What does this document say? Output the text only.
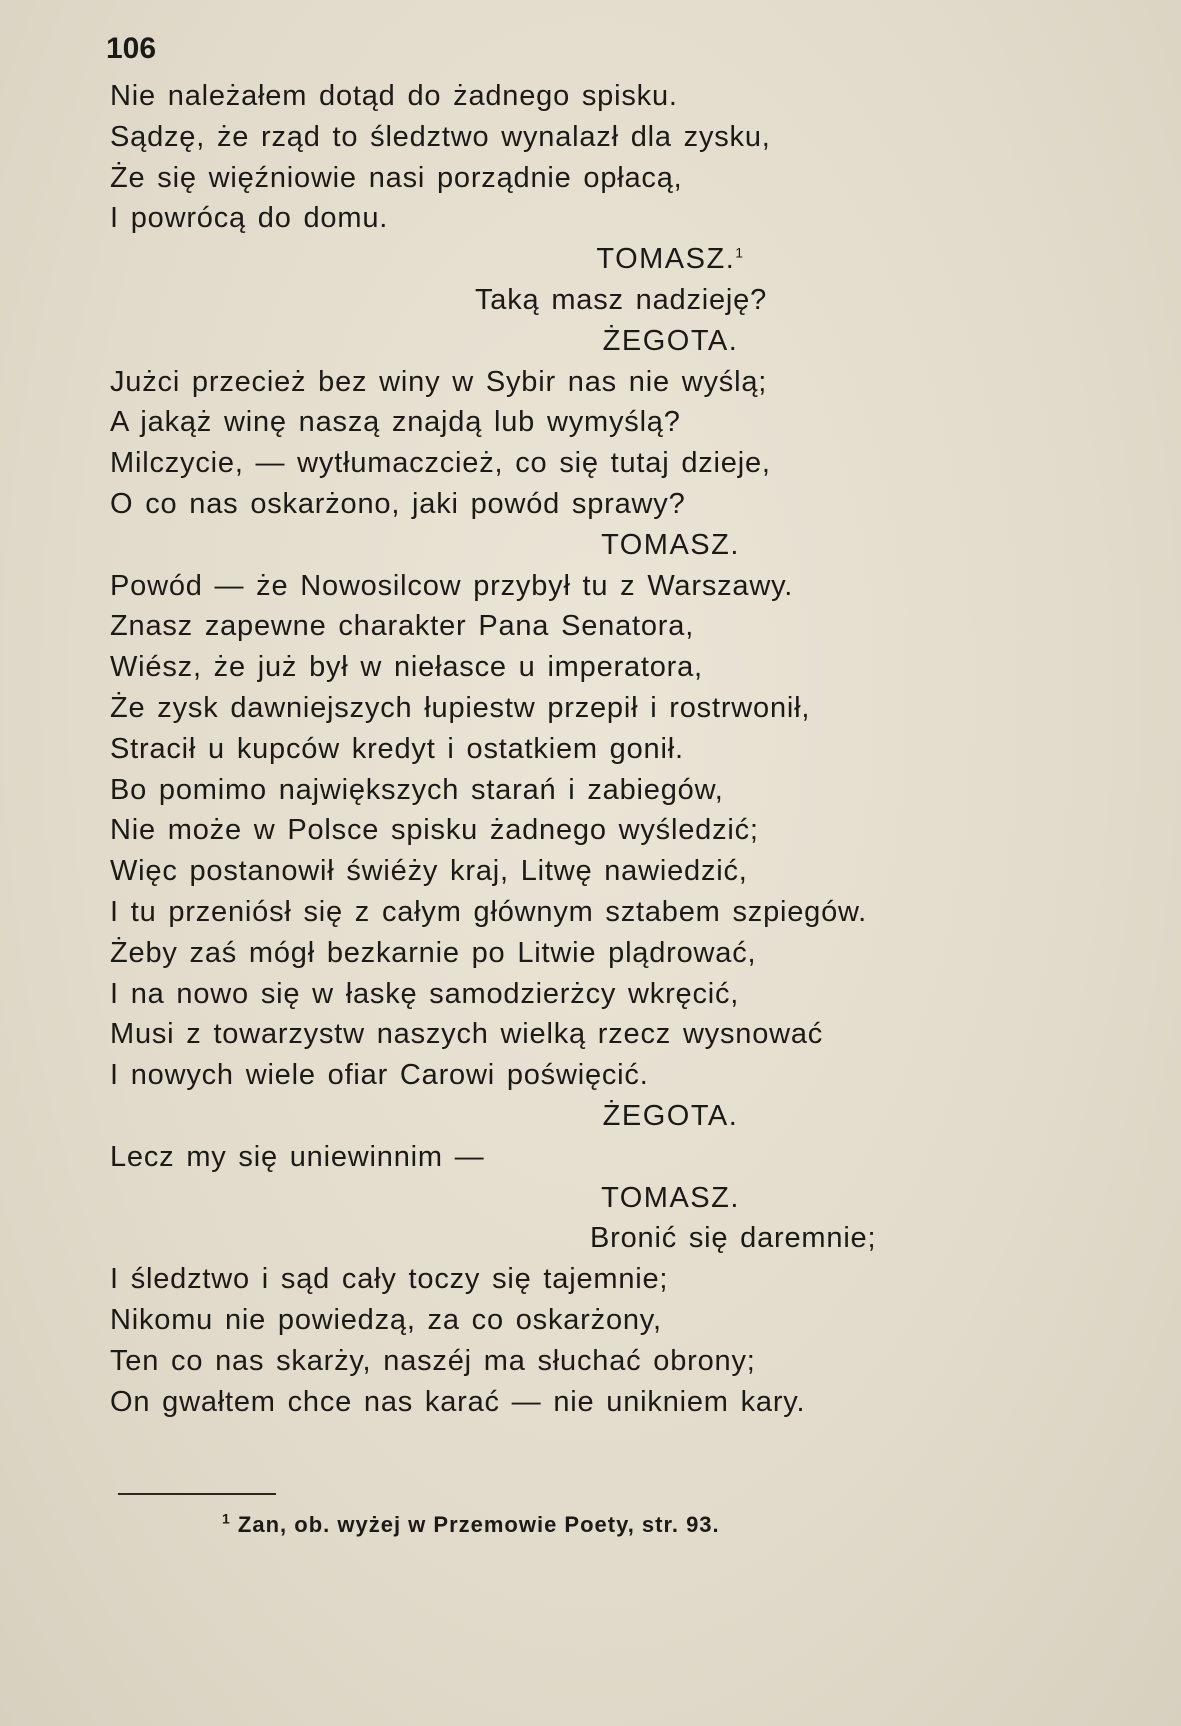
106
Nie należałem dotąd do żadnego spisku.
Sądzę, że rząd to śledztwo wynalazł dla zysku,
Że się więźniowie nasi porządnie opłacą,
I powrócą do domu.
TOMASZ.$^1$
Taką masz nadzieję?
ŻEGOTA.
Jużci przecież bez winy w Sybir nas nie wyślą;
A jakąż winę naszą znajdą lub wymyślą?
Milczycie, — wytłumaczcież, co się tutaj dzieje,
O co nas oskarżono, jaki powód sprawy?
TOMASZ.
Powód — że Nowosilcow przybył tu z Warszawy.
Znasz zapewne charakter Pana Senatora,
Wiész, że już był w niełasce u imperatora,
Że zysk dawniejszych łupiestw przepił i rostrwonił,
Stracił u kupców kredyt i ostatkiem gonił.
Bo pomimo największych starań i zabiegów,
Nie może w Polsce spisku żadnego wyśledzić;
Więc postanowił świéży kraj, Litwę nawiedzić,
I tu przeniósł się z całym głównym sztabem szpiegów.
Żeby zaś mógł bezkarnie po Litwie plądrować,
I na nowo się w łaskę samodzierżcy wkręcić,
Musi z towarzystw naszych wielką rzecz wysnować
I nowych wiele ofiar Carowi poświęcić.
ŻEGOTA.
Lecz my się uniewinnim —
TOMASZ.
Bronić się daremnie;
I śledztwo i sąd cały toczy się tajemnie;
Nikomu nie powiedzą, za co oskarżony,
Ten co nas skarży, naszéj ma słuchać obrony;
On gwałtem chce nas karać — nie unikniem kary.
$^1$ Zan, ob. wyżej w Przemowie Poety, str. 93.
